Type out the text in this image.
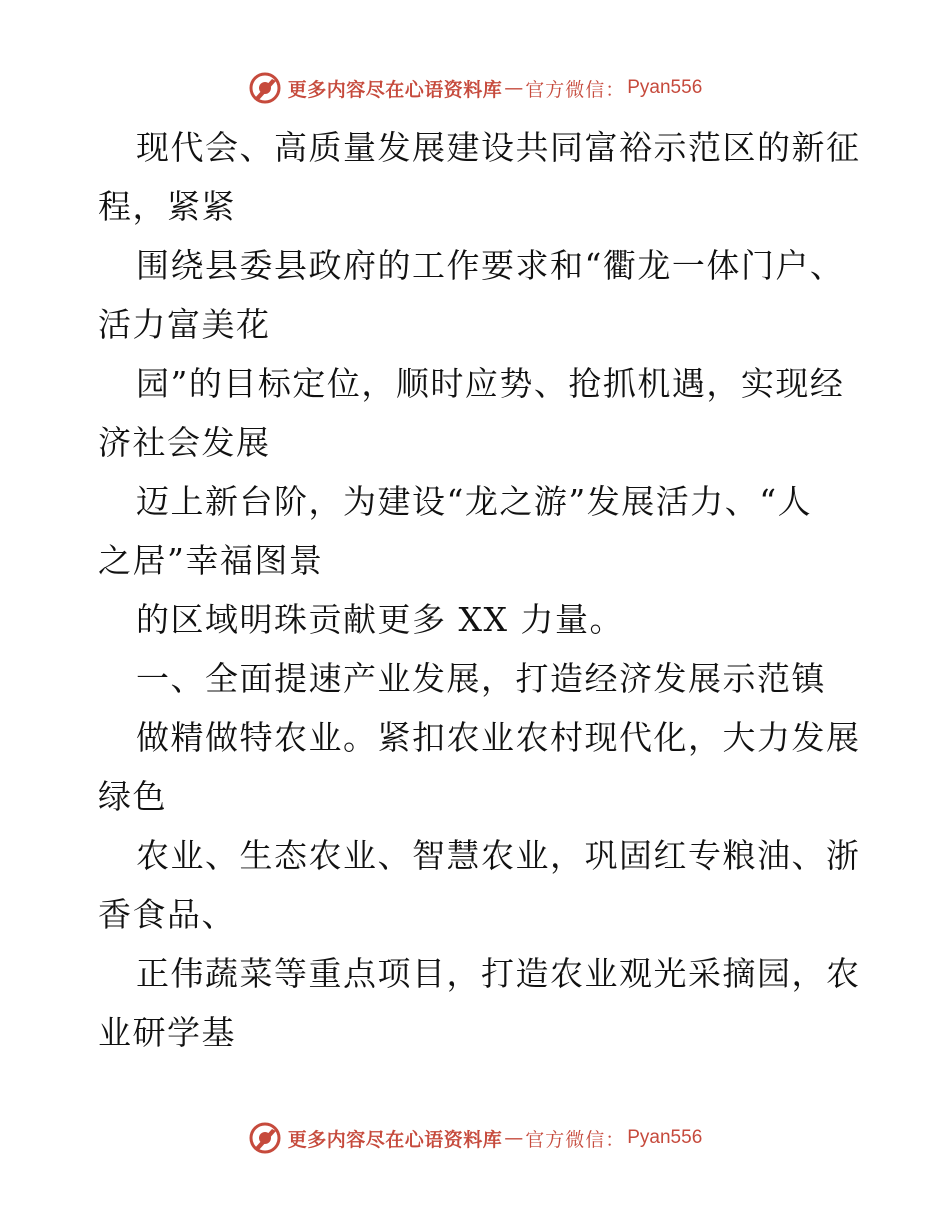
更多内容尽在心语资料库 — 官方微信： Pyan556
现代会、高质量发展建设共同富裕示范区的新征
程，紧紧
围绕县委县政府的工作要求和“衢龙一体门户、
活力富美花
园”的目标定位，顺时应势、抢抓机遇，实现经
济社会发展
迈上新台阶，为建设“龙之游”发展活力、“人
之居”幸福图景
的区域明珠贡献更多 XX 力量。
一、全面提速产业发展，打造经济发展示范镇
做精做特农业。紧扣农业农村现代化，大力发展
绿色
农业、生态农业、智慧农业，巩固红专粮油、浙
香食品、
正伟蔬菜等重点项目，打造农业观光采摘园，农
业研学基
更多内容尽在心语资料库 — 官方微信： Pyan556
